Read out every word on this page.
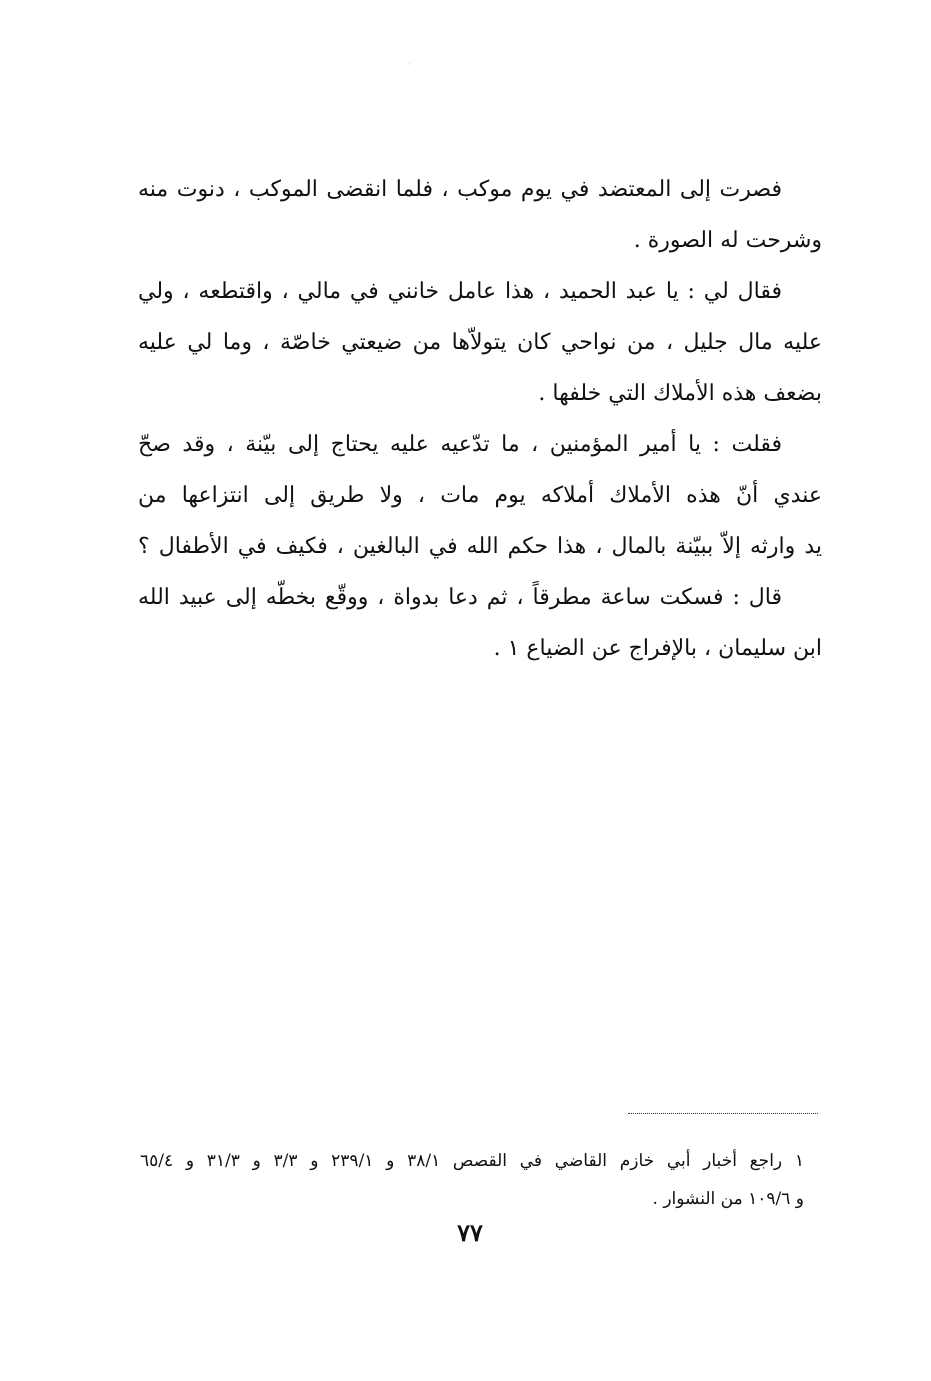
·
فصرت إلى المعتضد في يوم موكب ، فلما انقضى الموكب ، دنوت منه
وشرحت له الصورة .
فقال لي : يا عبد الحميد ، هذا عامل خانني في مالي ، واقتطعه ، ولي
عليه مال جليل ، من نواحي كان يتولاّها من ضيعتي خاصّة ، وما لي عليه
بضعف هذه الأملاك التي خلفها .
فقلت : يا أمير المؤمنين ، ما تدّعيه عليه يحتاج إلى بيّنة ، وقد صحّ
عندي أنّ هذه الأملاك أملاكه يوم مات ، ولا طريق إلى انتزاعها من
يد وارثه إلاّ ببيّنة بالمال ، هذا حكم الله في البالغين ، فكيف في الأطفال ؟
قال : فسكت ساعة مطرقاً ، ثم دعا بدواة ، ووقّع بخطّه إلى عبيد الله
ابن سليمان ، بالإفراج عن الضياع ١ .
١ راجع أخبار أبي خازم القاضي في القصص ٣٨/١ و ٢٣٩/١ و ٣/٣ و ٣١/٣ و ٦٥/٤
و ١٠٩/٦ من النشوار .
٧٧
